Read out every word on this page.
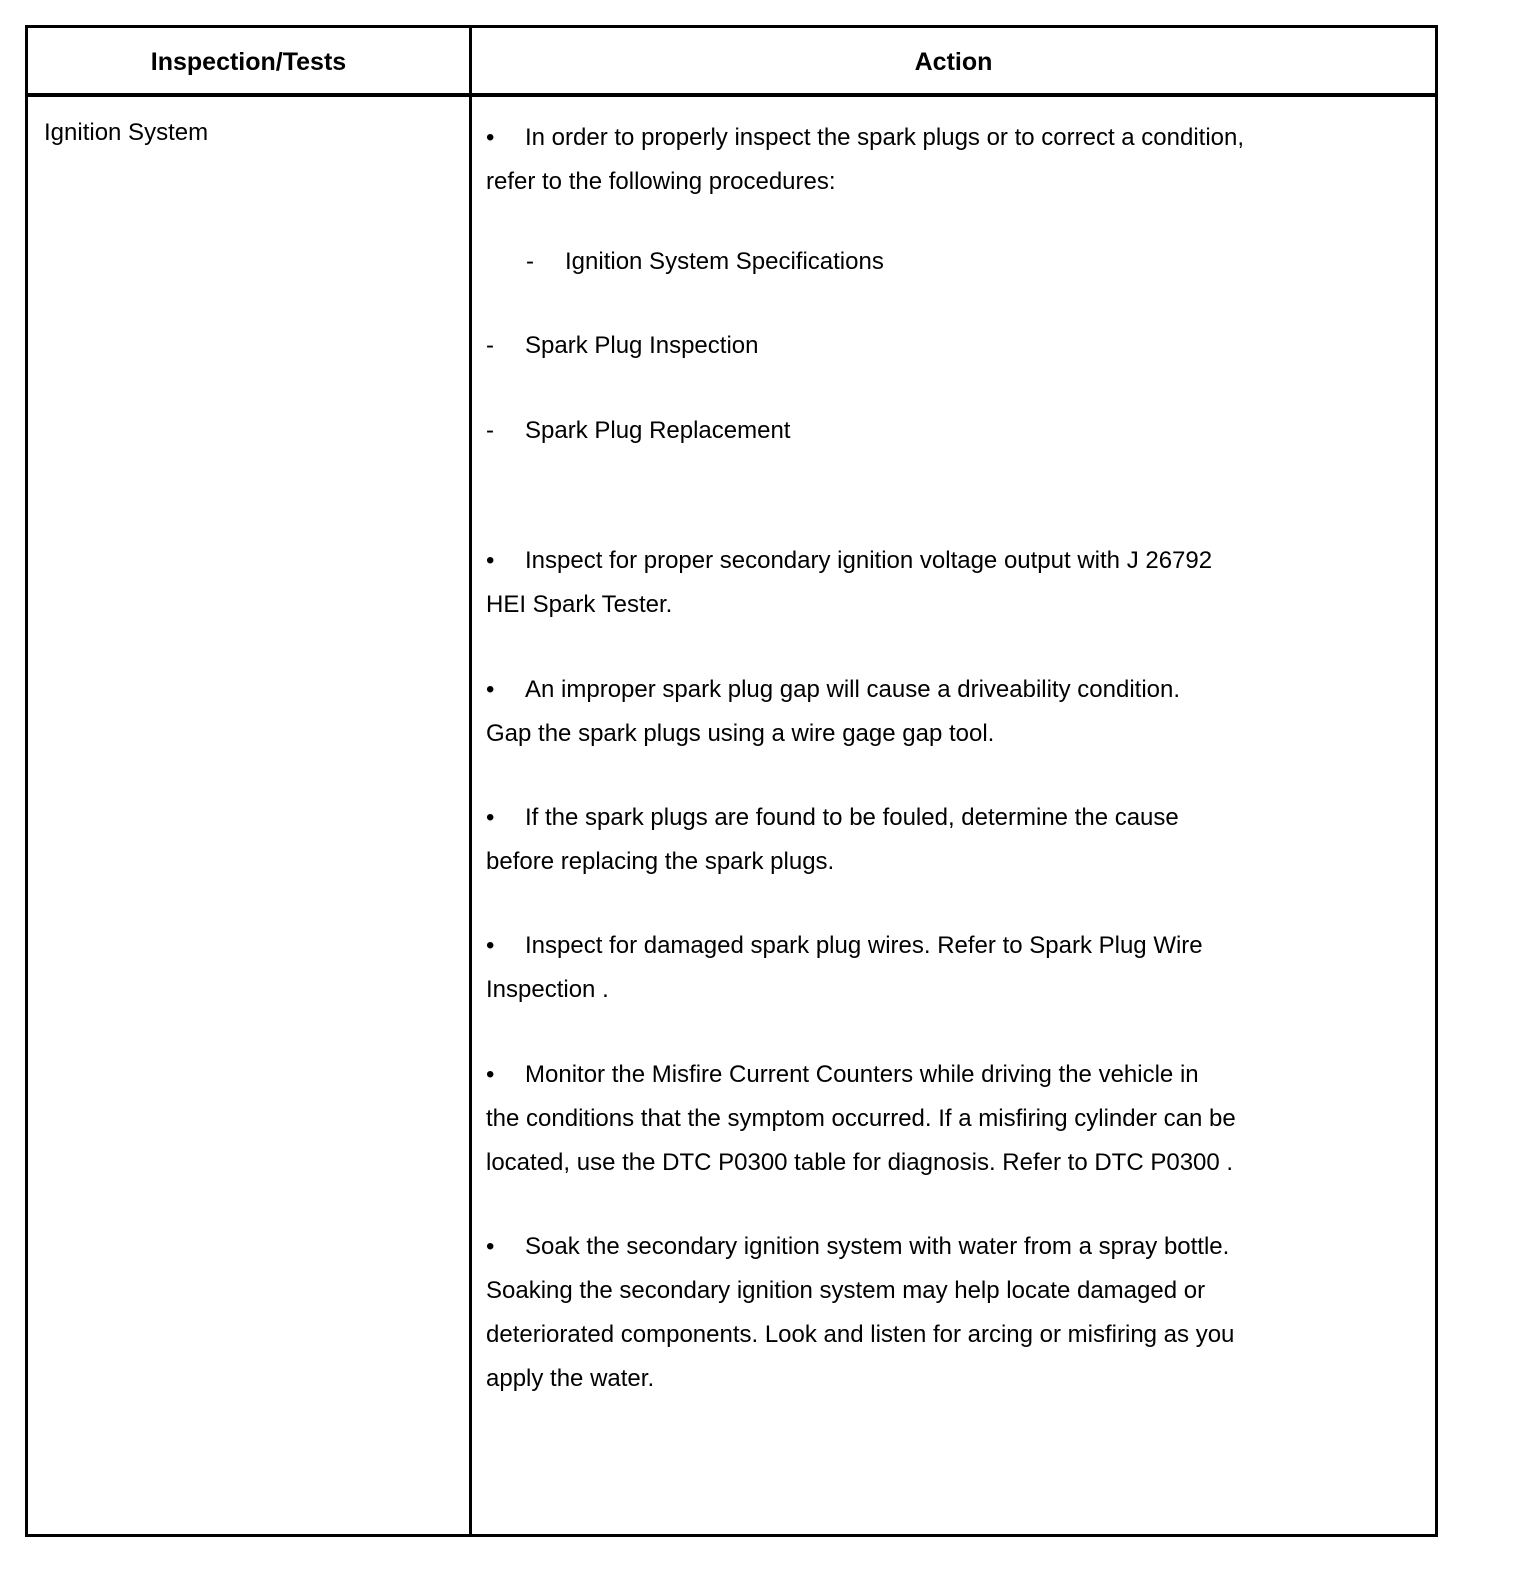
Inspection/Tests	Action
Ignition System	• In order to properly inspect the spark plugs or to correct a condition,
refer to the following procedures:
- Ignition System Specifications
- Spark Plug Inspection
- Spark Plug Replacement
• Inspect for proper secondary ignition voltage output with J 26792
HEI Spark Tester.
• An improper spark plug gap will cause a driveability condition.
Gap the spark plugs using a wire gage gap tool.
• If the spark plugs are found to be fouled, determine the cause
before replacing the spark plugs.
• Inspect for damaged spark plug wires. Refer to Spark Plug Wire
Inspection .
• Monitor the Misfire Current Counters while driving the vehicle in
the conditions that the symptom occurred. If a misfiring cylinder can be
located, use the DTC P0300 table for diagnosis. Refer to DTC P0300 .
• Soak the secondary ignition system with water from a spray bottle.
Soaking the secondary ignition system may help locate damaged or
deteriorated components. Look and listen for arcing or misfiring as you
apply the water.
